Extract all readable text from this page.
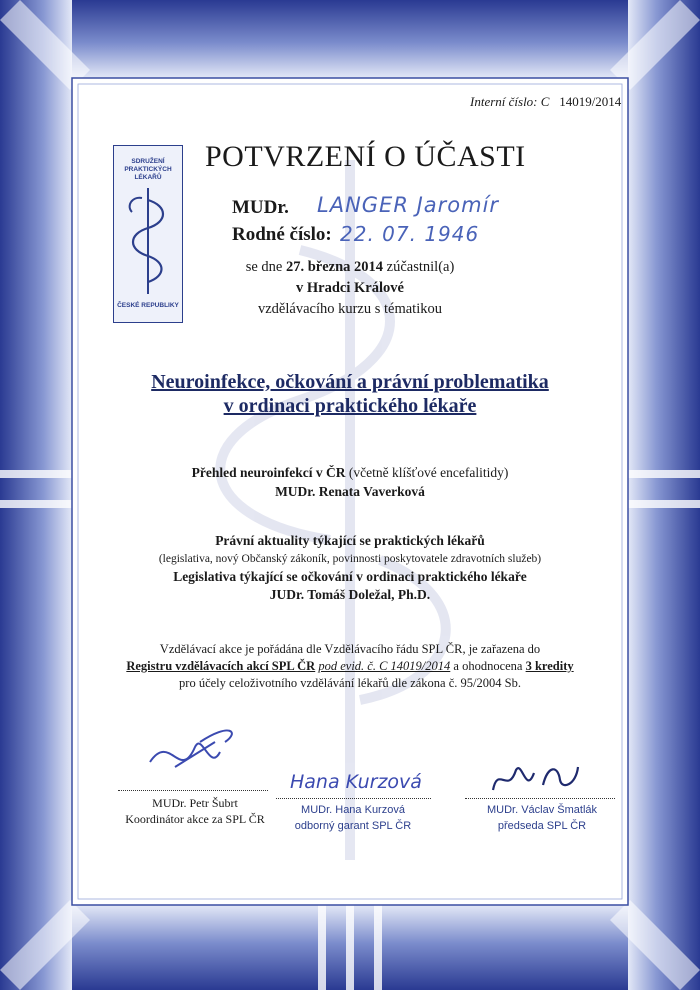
Interní číslo: C 14019/2014
SDRUŽENÍ
PRAKTICKÝCH LÉKAŘŮ
ČESKÉ REPUBLIKY
POTVRZENÍ O ÚČASTI
MUDr. LANGER Jaromír
Rodné číslo: 22. 07. 1946
se dne 27. března 2014 zúčastnil(a)
v Hradci Králové
vzdělávacího kurzu s tématikou
Neuroinfekce, očkování a právní problematika
v ordinaci praktického lékaře
Přehled neuroinfekcí v ČR (včetně klíšťové encefalitidy)
MUDr. Renata Vaverková
Právní aktuality týkající se praktických lékařů
(legislativa, nový Občanský zákoník, povinnosti poskytovatele zdravotních služeb)
Legislativa týkající se očkování v ordinaci praktického lékaře
JUDr. Tomáš Doležal, Ph.D.
Vzdělávací akce je pořádána dle Vzdělávacího řádu SPL ČR, je zařazena do
Registru vzdělávacích akcí SPL ČR pod evid. č. C 14019/2014 a ohodnocena 3 kredity
pro účely celoživotního vzdělávání lékařů dle zákona č. 95/2004 Sb.
Hana Kurzová
MUDr. Petr Šubrt
Koordinátor akce za SPL ČR
MUDr. Hana Kurzová
odborný garant SPL ČR
MUDr. Václav Šmatlák
předseda SPL ČR
